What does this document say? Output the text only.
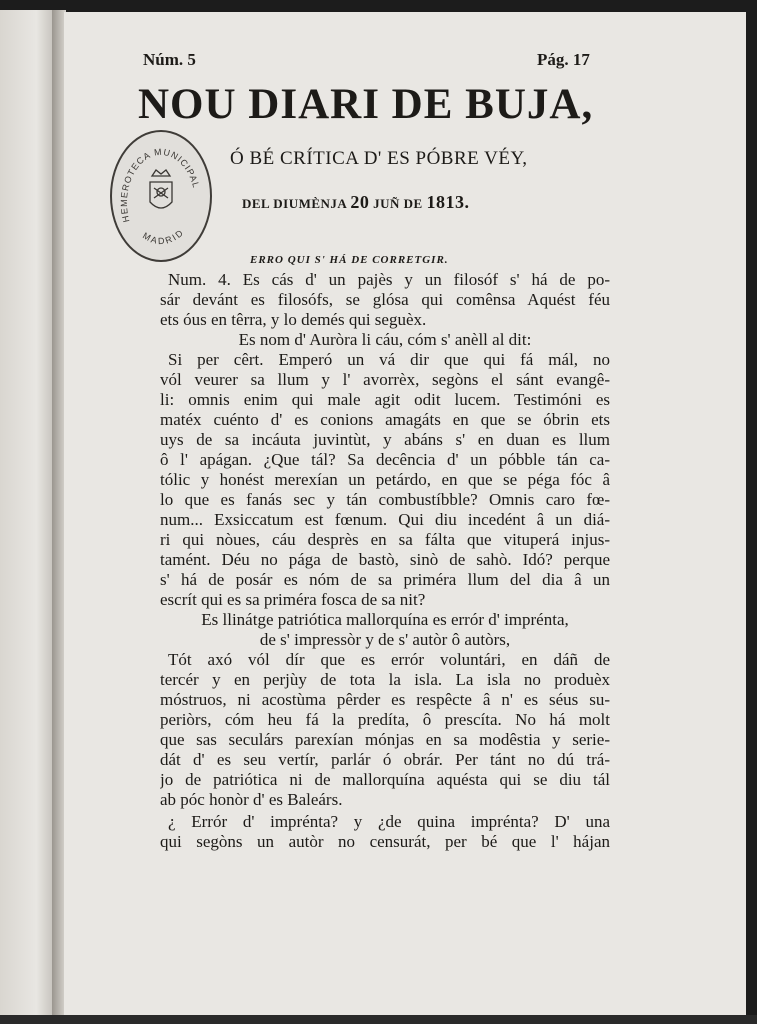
Núm. 5	Pág. 17
NOU DIARI DE BUJA,
Ó BÉ CRÍTICA D' ES PÓBRE VÉY,
DEL DIUMÈNJA 20 JUÑ DE 1813.
HEMEROTECA MUNICIPAL
MADRID
ERRO QUI S' HÁ DE CORRETGIR.
Num. 4. Es cás d' un pajès y un filosóf s' há de po-
sár devánt es filosófs, se glósa qui comênsa Aquést féu
ets óus en têrra, y lo demés qui seguèx.
Es nom d' Auròra li cáu, cóm s' anèll al dit:
Si per cêrt. Emperó un vá dir que qui fá mál, no
vól veurer sa llum y l' avorrèx, segòns el sánt evangê-
li: omnis enim qui male agit odit lucem. Testimóni es
matéx cuénto d' es conions amagáts en que se óbrin ets
uys de sa incáuta juvintùt, y abáns s' en duan es llum
ô l' apágan. ¿Que tál? Sa decência d' un póbble tán ca-
tólic y honést merexían un petárdo, en que se péga fóc â
lo que es fanás sec y tán combustíbble? Omnis caro fœ-
num... Exsiccatum est fœnum. Qui diu incedént â un diá-
ri qui nòues, cáu desprès en sa fálta que vituperá injus-
tamént. Déu no pága de bastò, sinò de sahò. Idó? perque
s' há de posár es nóm de sa priméra llum del dia â un
escrít qui es sa priméra fosca de sa nit?
Es llinátge patriótica mallorquína es errór d' imprénta,
de s' impressòr y de s' autòr ô autòrs,
Tót axó vól dír que es errór voluntári, en dáñ de
tercér y en perjùy de tota la isla. La isla no produèx
móstruos, ni acostùma pêrder es respêcte â n' es séus su-
periòrs, cóm heu fá la predíta, ô prescíta. No há molt
que sas seculárs parexían mónjas en sa modêstia y serie-
dát d' es seu vertír, parlár ó obrár. Per tánt no dú trá-
jo de patriótica ni de mallorquína aquésta qui se diu tál
ab póc honòr d' es Baleárs.
¿ Errór d' imprénta? y ¿de quina imprénta? D' una
qui segòns un autòr no censurát, per bé que l' hájan
